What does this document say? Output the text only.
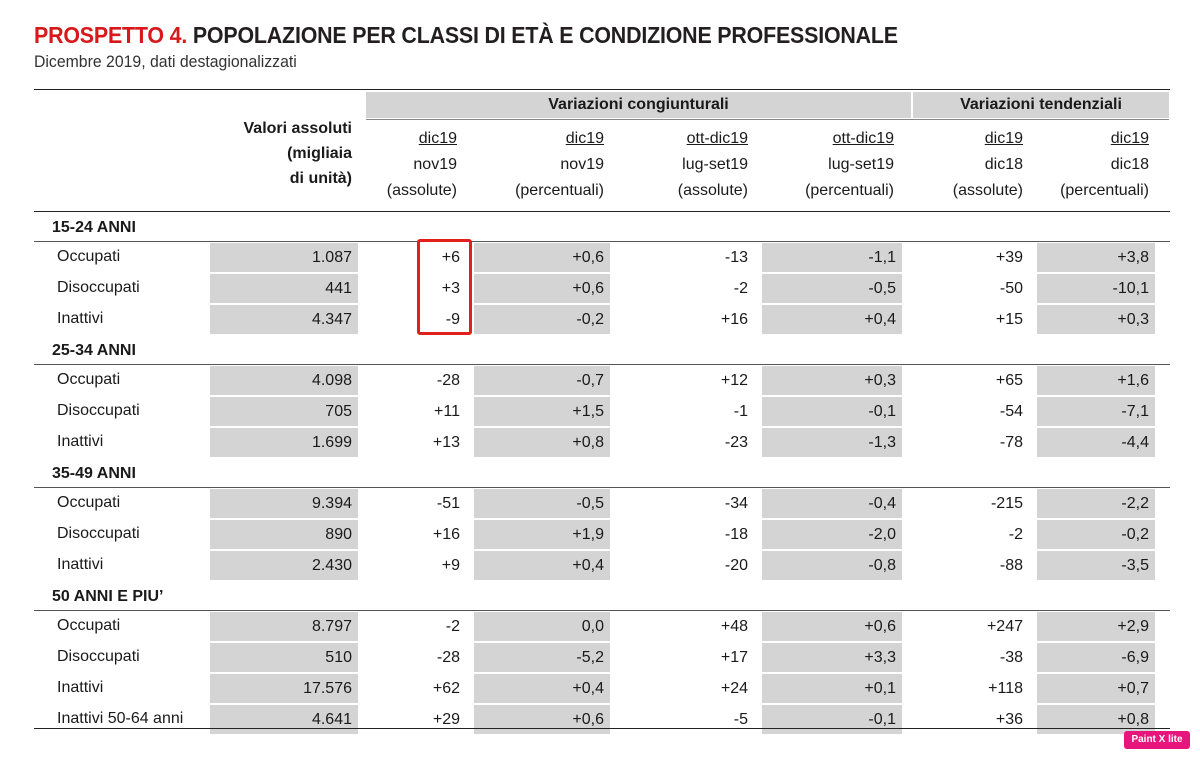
PROSPETTO 4. POPOLAZIONE PER CLASSI DI ETÀ E CONDIZIONE PROFESSIONALE
Dicembre 2019, dati destagionalizzati
Variazioni congiunturali	Variazioni tendenziali
Valori assoluti
(migliaia
di unità)
dic19
nov19
(assolute)
dic19
nov19
(percentuali)
ott-dic19
lug-set19
(assolute)
ott-dic19
lug-set19
(percentuali)
dic19
dic18
(assolute)
dic19
dic18
(percentuali)
15-24 ANNI
Occupati	1.087	+6	+0,6	-13	-1,1	+39	+3,8
Disoccupati	441	+3	+0,6	-2	-0,5	-50	-10,1
Inattivi	4.347	-9	-0,2	+16	+0,4	+15	+0,3
25-34 ANNI
Occupati	4.098	-28	-0,7	+12	+0,3	+65	+1,6
Disoccupati	705	+11	+1,5	-1	-0,1	-54	-7,1
Inattivi	1.699	+13	+0,8	-23	-1,3	-78	-4,4
35-49 ANNI
Occupati	9.394	-51	-0,5	-34	-0,4	-215	-2,2
Disoccupati	890	+16	+1,9	-18	-2,0	-2	-0,2
Inattivi	2.430	+9	+0,4	-20	-0,8	-88	-3,5
50 ANNI E PIU’
Occupati	8.797	-2	0,0	+48	+0,6	+247	+2,9
Disoccupati	510	-28	-5,2	+17	+3,3	-38	-6,9
Inattivi	17.576	+62	+0,4	+24	+0,1	+118	+0,7
Inattivi 50-64 anni	4.641	+29	+0,6	-5	-0,1	+36	+0,8
Paint X lite
